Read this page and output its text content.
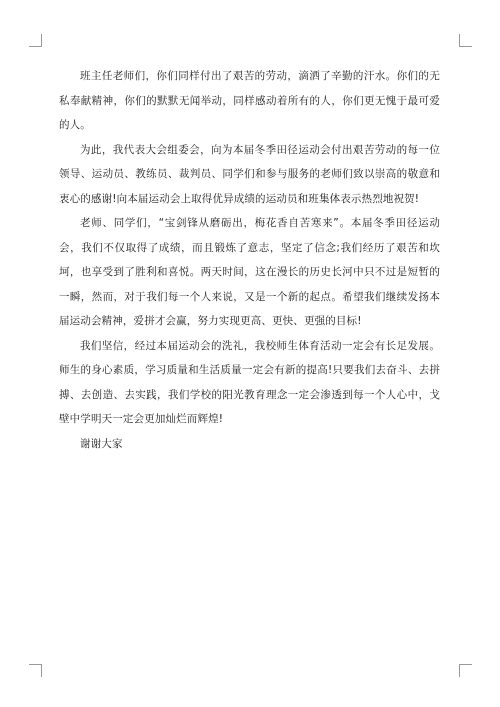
班主任老师们，你们同样付出了艰苦的劳动，滴洒了辛勤的汗水。你们的无私奉献精神，你们的默默无闻举动，同样感动着所有的人，你们更无愧于最可爱的人。

为此，我代表大会组委会，向为本届冬季田径运动会付出艰苦劳动的每一位领导、运动员、教练员、裁判员、同学们和参与服务的老师们致以崇高的敬意和衷心的感谢!向本届运动会上取得优异成绩的运动员和班集体表示热烈地祝贺!

老师、同学们，“宝剑锋从磨砺出，梅花香自苦寒来”。本届冬季田径运动会，我们不仅取得了成绩，而且锻炼了意志，坚定了信念;我们经历了艰苦和坎坷，也享受到了胜利和喜悦。两天时间，这在漫长的历史长河中只不过是短暂的一瞬，然而，对于我们每一个人来说，又是一个新的起点。希望我们继续发扬本届运动会精神，爱拼才会赢，努力实现更高、更快、更强的目标!

我们坚信，经过本届运动会的洗礼，我校师生体育活动一定会有长足发展。师生的身心素质，学习质量和生活质量一定会有新的提高!只要我们去奋斗、去拼搏、去创造、去实践，我们学校的阳光教育理念一定会渗透到每一个人心中，戈壁中学明天一定会更加灿烂而辉煌!

谢谢大家
